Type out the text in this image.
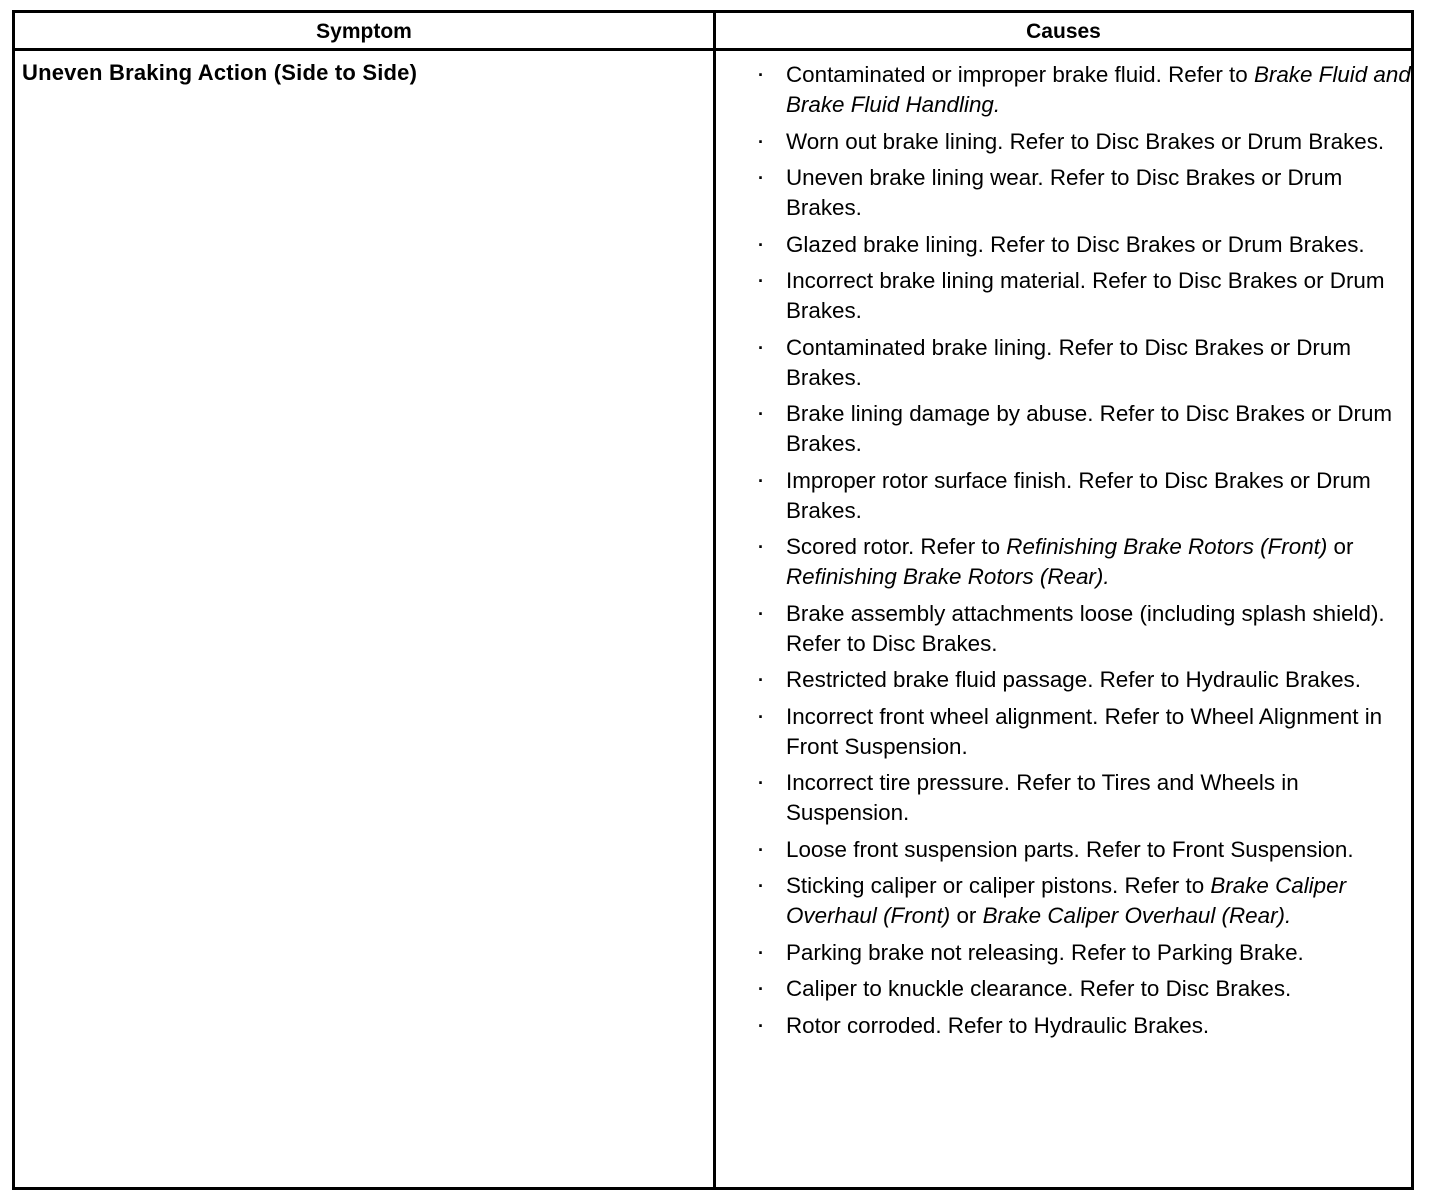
Symptom	Causes
Uneven Braking Action (Side to Side)	· Contaminated or improper brake fluid. Refer to Brake Fluid and Brake Fluid Handling.
· Worn out brake lining. Refer to Disc Brakes or Drum Brakes.
· Uneven brake lining wear. Refer to Disc Brakes or Drum Brakes.
· Glazed brake lining. Refer to Disc Brakes or Drum Brakes.
· Incorrect brake lining material. Refer to Disc Brakes or Drum Brakes.
· Contaminated brake lining. Refer to Disc Brakes or Drum Brakes.
· Brake lining damage by abuse. Refer to Disc Brakes or Drum Brakes.
· Improper rotor surface finish. Refer to Disc Brakes or Drum Brakes.
· Scored rotor. Refer to Refinishing Brake Rotors (Front) or Refinishing Brake Rotors (Rear).
· Brake assembly attachments loose (including splash shield). Refer to Disc Brakes.
· Restricted brake fluid passage. Refer to Hydraulic Brakes.
· Incorrect front wheel alignment. Refer to Wheel Alignment in Front Suspension.
· Incorrect tire pressure. Refer to Tires and Wheels in Suspension.
· Loose front suspension parts. Refer to Front Suspension.
· Sticking caliper or caliper pistons. Refer to Brake Caliper Overhaul (Front) or Brake Caliper Overhaul (Rear).
· Parking brake not releasing. Refer to Parking Brake.
· Caliper to knuckle clearance. Refer to Disc Brakes.
· Rotor corroded. Refer to Hydraulic Brakes.
